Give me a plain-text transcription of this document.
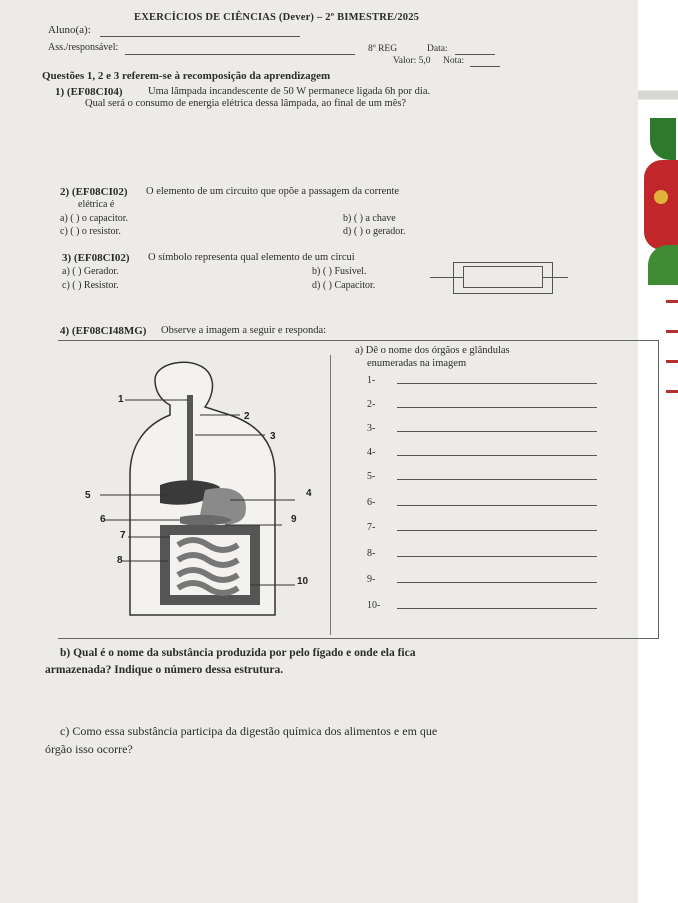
EXERCÍCIOS DE CIÊNCIAS (Dever) – 2º BIMESTRE/2025
Aluno(a):
Ass./responsável:	8º REG	Data:
Valor: 5,0 Nota:
Questões 1, 2 e 3 referem-se à recomposição da aprendizagem
1) (EF08CI04) Uma lâmpada incandescente de 50 W permanece ligada 6h por dia.
Qual será o consumo de energia elétrica dessa lâmpada, ao final de um mês?
2) (EF08CI02) O elemento de um circuito que opõe a passagem da corrente
elétrica é
a) ( ) o capacitor.	b) ( ) a chave
c) ( ) o resistor.	d) ( ) o gerador.
3) (EF08CI02) O símbolo representa qual elemento de um circui
a) ( ) Gerador.	b) ( ) Fusível.
c) ( ) Resistor.	d) ( ) Capacitor.
4) (EF08CI48MG) Observe a imagem a seguir e responda:
1
2
3
4
5
6	9
7
8
10
a) Dê o nome dos órgãos e glândulas
enumeradas na imagem
1-
2-
3-
4-
5-
6-
7-
8-
9-
10-
b) Qual é o nome da substância produzida por pelo fígado e onde ela fica
armazenada? Indique o número dessa estrutura.
c) Como essa substância participa da digestão química dos alimentos e em que
órgão isso ocorre?
